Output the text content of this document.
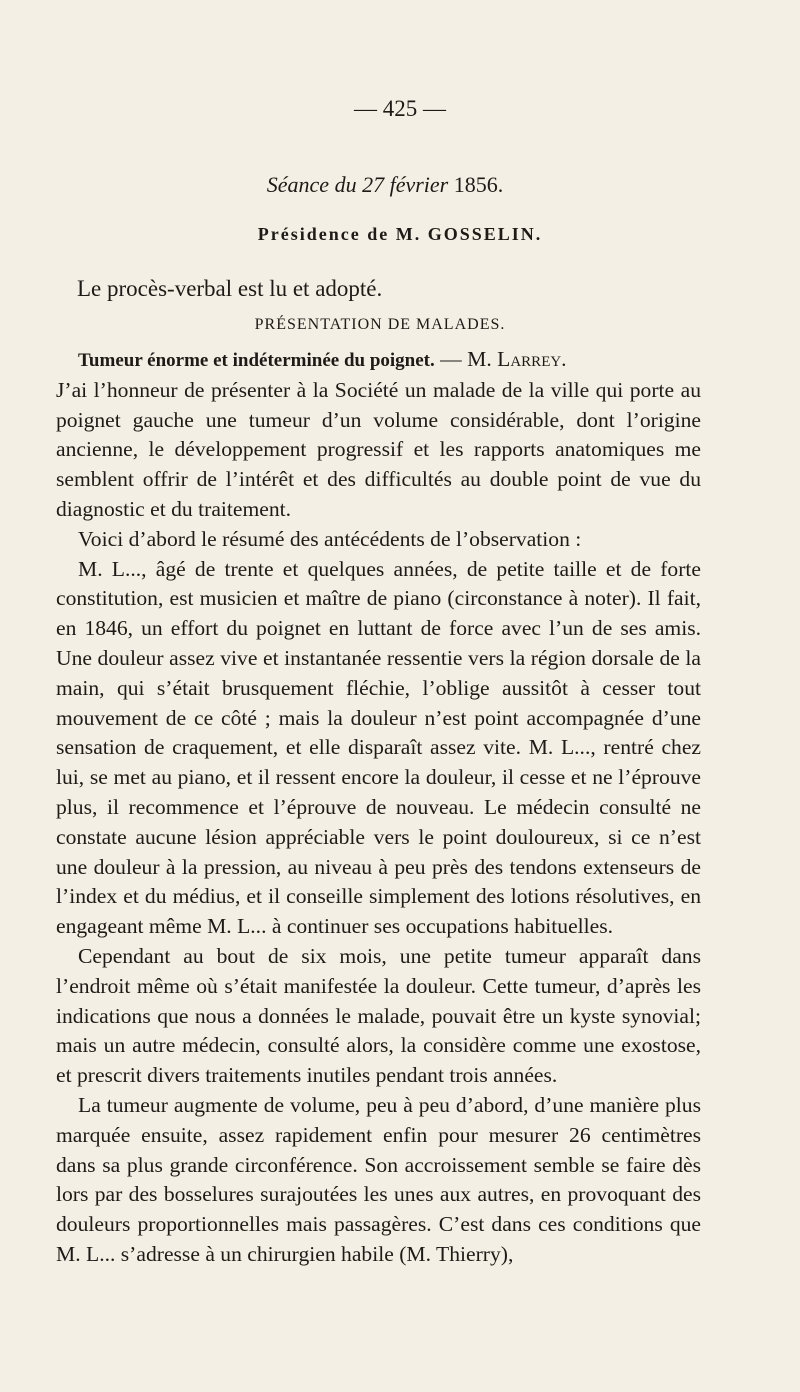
— 425 —
Séance du 27 février 1856.
Présidence de M. GOSSELIN.
Le procès-verbal est lu et adopté.
PRÉSENTATION DE MALADES.

Tumeur énorme et indéterminée du poignet. — M. Larrey.

J’ai l’honneur de présenter à la Société un malade de la ville qui porte au poignet gauche une tumeur d’un volume considérable, dont l’origine ancienne, le développement progressif et les rapports anatomiques me semblent offrir de l’intérêt et des difficultés au double point de vue du diagnostic et du traitement.

Voici d’abord le résumé des antécédents de l’observation :

M. L..., âgé de trente et quelques années, de petite taille et de forte constitution, est musicien et maître de piano (circonstance à noter). Il fait, en 1846, un effort du poignet en luttant de force avec l’un de ses amis. Une douleur assez vive et instantanée ressentie vers la région dorsale de la main, qui s’était brusquement fléchie, l’oblige aussitôt à cesser tout mouvement de ce côté ; mais la douleur n’est point accompagnée d’une sensation de craquement, et elle disparaît assez vite. M. L..., rentré chez lui, se met au piano, et il ressent encore la douleur, il cesse et ne l’éprouve plus, il recommence et l’éprouve de nouveau. Le médecin consulté ne constate aucune lésion appréciable vers le point douloureux, si ce n’est une douleur à la pression, au niveau à peu près des tendons extenseurs de l’index et du médius, et il conseille simplement des lotions résolutives, en engageant même M. L... à continuer ses occupations habituelles.

Cependant au bout de six mois, une petite tumeur apparaît dans l’endroit même où s’était manifestée la douleur. Cette tumeur, d’après les indications que nous a données le malade, pouvait être un kyste synovial; mais un autre médecin, consulté alors, la considère comme une exostose, et prescrit divers traitements inutiles pendant trois années.

La tumeur augmente de volume, peu à peu d’abord, d’une manière plus marquée ensuite, assez rapidement enfin pour mesurer 26 centimètres dans sa plus grande circonférence. Son accroissement semble se faire dès lors par des bosselures surajoutées les unes aux autres, en provoquant des douleurs proportionnelles mais passagères. C’est dans ces conditions que M. L... s’adresse à un chirurgien habile (M. Thierry),
